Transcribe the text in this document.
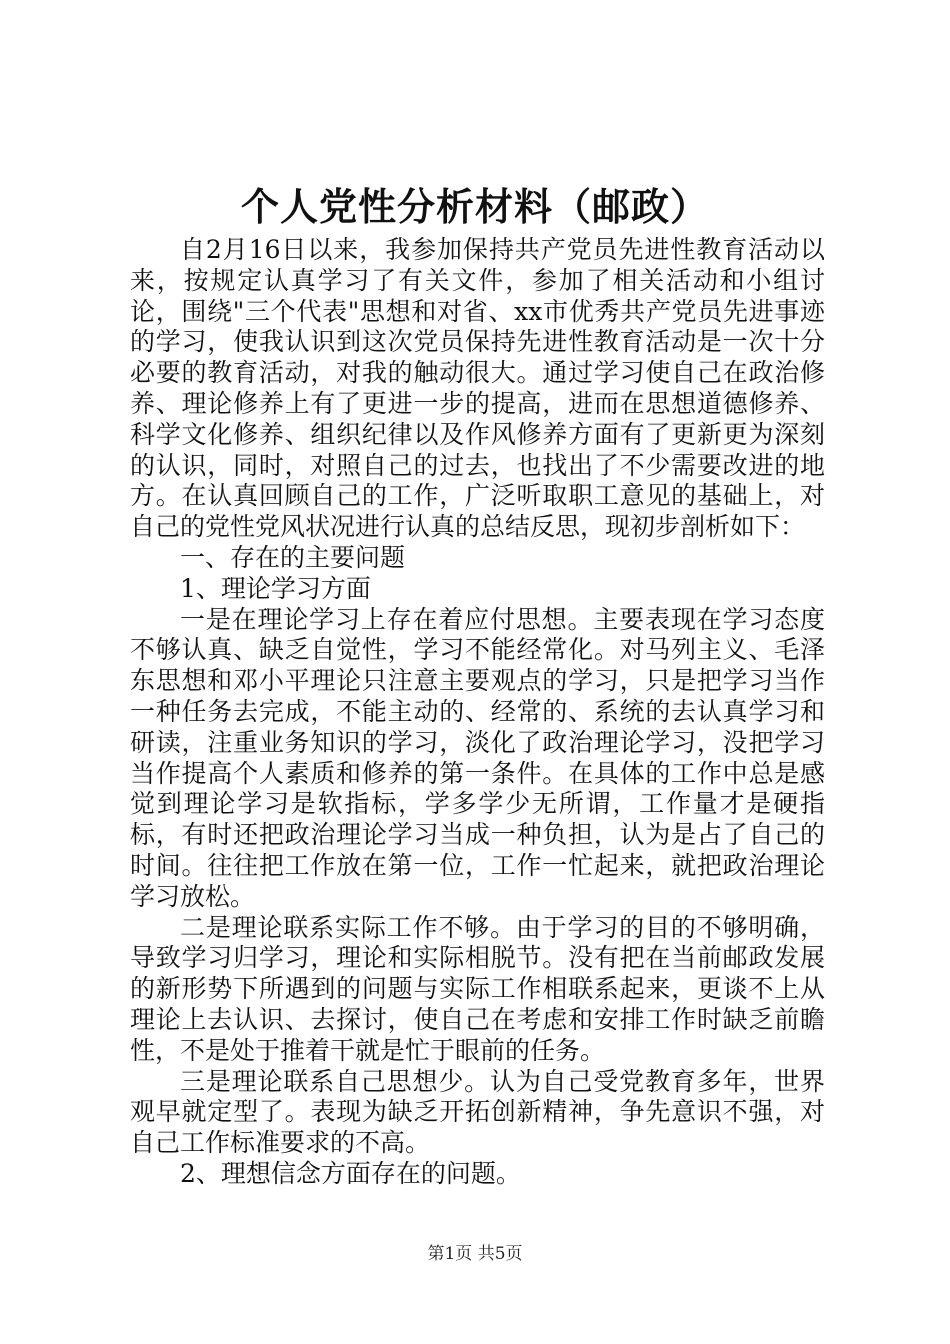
个人党性分析材料（邮政）

自2月16日以来，我参加保持共产党员先进性教育活动以来，按规定认真学习了有关文件，参加了相关活动和小组讨论，围绕"三个代表"思想和对省、xx市优秀共产党员先进事迹的学习，使我认识到这次党员保持先进性教育活动是一次十分必要的教育活动，对我的触动很大。通过学习使自己在政治修养、理论修养上有了更进一步的提高，进而在思想道德修养、科学文化修养、组织纪律以及作风修养方面有了更新更为深刻的认识，同时，对照自己的过去，也找出了不少需要改进的地方。在认真回顾自己的工作，广泛听取职工意见的基础上，对自己的党性党风状况进行认真的总结反思，现初步剖析如下：

一、存在的主要问题

1、理论学习方面

一是在理论学习上存在着应付思想。主要表现在学习态度不够认真、缺乏自觉性，学习不能经常化。对马列主义、毛泽东思想和邓小平理论只注意主要观点的学习，只是把学习当作一种任务去完成，不能主动的、经常的、系统的去认真学习和研读，注重业务知识的学习，淡化了政治理论学习，没把学习当作提高个人素质和修养的第一条件。在具体的工作中总是感觉到理论学习是软指标，学多学少无所谓，工作量才是硬指标，有时还把政治理论学习当成一种负担，认为是占了自己的时间。往往把工作放在第一位，工作一忙起来，就把政治理论学习放松。

二是理论联系实际工作不够。由于学习的目的不够明确，导致学习归学习，理论和实际相脱节。没有把在当前邮政发展的新形势下所遇到的问题与实际工作相联系起来，更谈不上从理论上去认识、去探讨，使自己在考虑和安排工作时缺乏前瞻性，不是处于推着干就是忙于眼前的任务。

三是理论联系自己思想少。认为自己受党教育多年，世界观早就定型了。表现为缺乏开拓创新精神，争先意识不强，对自己工作标准要求的不高。

2、理想信念方面存在的问题。

第1页 共5页
